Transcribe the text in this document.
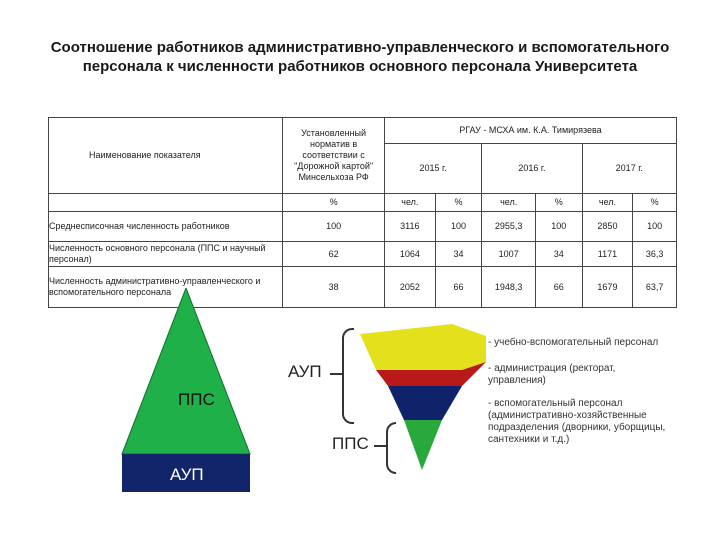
Соотношение работников административно-управленческого и вспомогательного персонала к численности работников основного персонала Университета
Наименование показателя	Установленный норматив в соответствии с "Дорожной картой" Минсельхоза РФ	РГАУ - МСХА им. К.А. Тимирязева					
		2015 г.		2016 г.		2017 г.	
	%	чел.	%	чел.	%	чел.	%
Среднесписочная численность работников	100	3116	100	2955,3	100	2850	100
Численность основного персонала (ППС и научный персонал)	62	1064	34	1007	34	1171	36,3
Численность административно-управленческого и вспомогательного персонала	38	2052	66	1948,3	66	1679	63,7
ППС
АУП
АУП
ППС
- учебно-вспомогательный персонал
- администрация (ректорат, управления)
- вспомогательный персонал (административно-хозяйственные подразделения (дворники, уборщицы, сантехники и т.д.)
